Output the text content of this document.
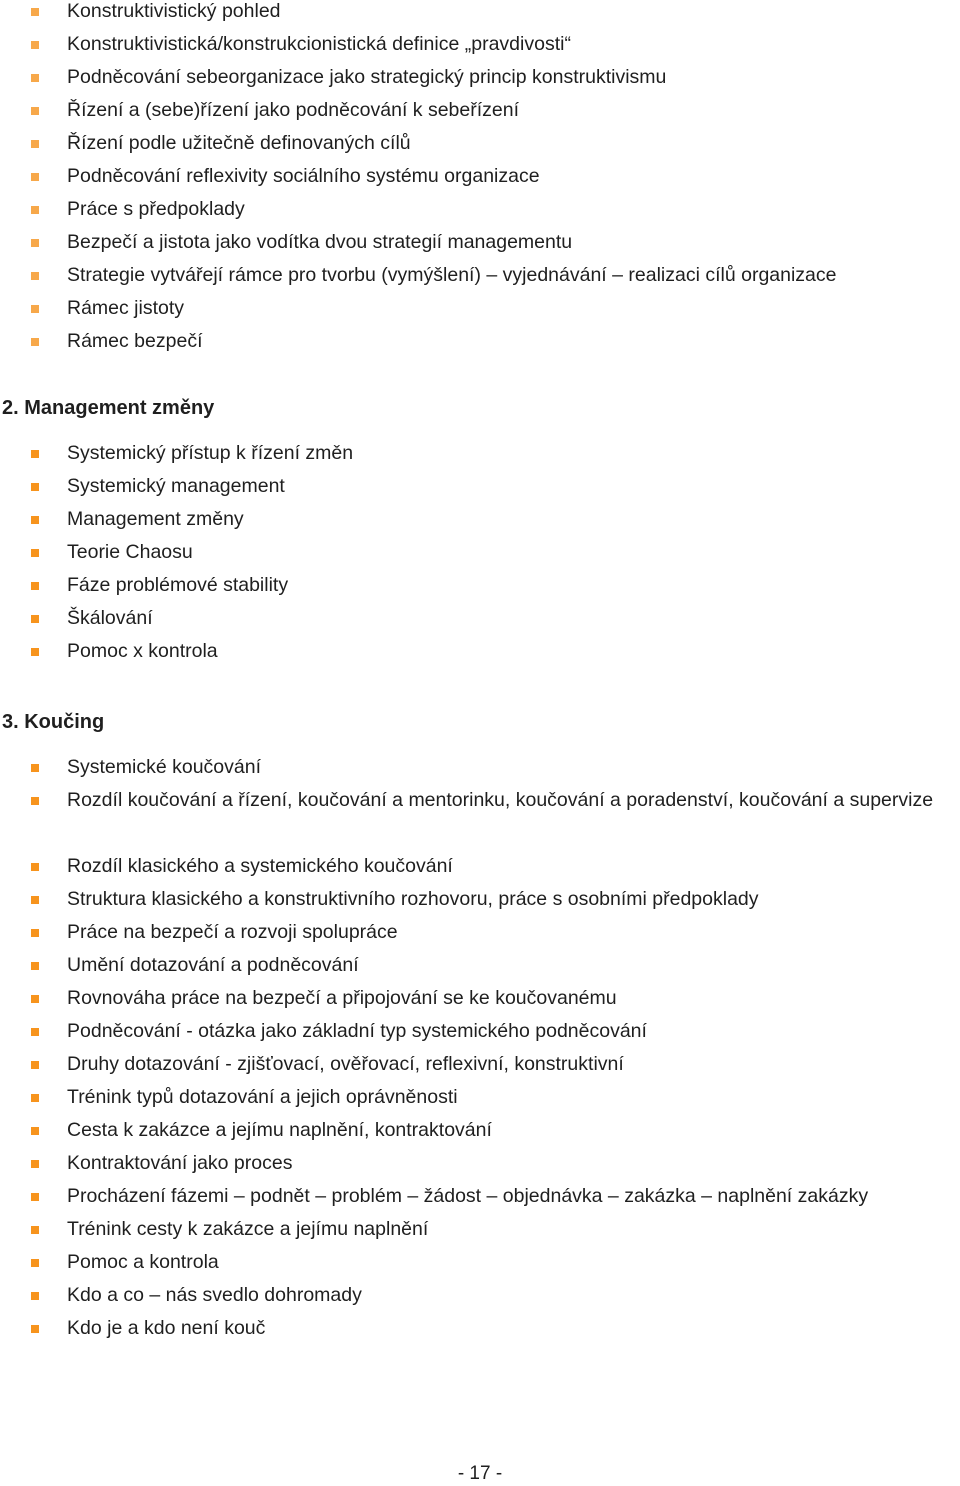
Konstruktivistický pohled
Konstruktivistická/konstrukcionistická definice „pravdivosti“
Podněcování sebeorganizace jako strategický princip konstruktivismu
Řízení a (sebe)řízení jako podněcování k sebeřízení
Řízení podle užitečně definovaných cílů
Podněcování reflexivity sociálního systému organizace
Práce s předpoklady
Bezpečí a jistota jako vodítka dvou strategií managementu
Strategie vytvářejí rámce pro tvorbu (vymýšlení) – vyjednávání – realizaci cílů organizace
Rámec jistoty
Rámec bezpečí
2. Management změny
Systemický přístup k řízení změn
Systemický management
Management změny
Teorie Chaosu
Fáze problémové stability
Škálování
Pomoc x kontrola
3. Koučing
Systemické koučování
Rozdíl koučování a řízení, koučování a mentorinku, koučování a poradenství, koučování a supervize
Rozdíl klasického a systemického koučování
Struktura klasického a konstruktivního rozhovoru, práce s osobními předpoklady
Práce na bezpečí a rozvoji spolupráce
Umění dotazování a podněcování
Rovnováha práce na bezpečí a připojování se ke koučovanému
Podněcování - otázka jako základní typ systemického podněcování
Druhy dotazování - zjišťovací, ověřovací, reflexivní, konstruktivní
Trénink typů dotazování a jejich oprávněnosti
Cesta k zakázce a jejímu naplnění, kontraktování
Kontraktování jako proces
Procházení fázemi – podnět – problém – žádost – objednávka – zakázka – naplnění zakázky
Trénink cesty k zakázce a jejímu naplnění
Pomoc a kontrola
Kdo a co – nás svedlo dohromady
Kdo je a kdo není kouč
- 17 -
